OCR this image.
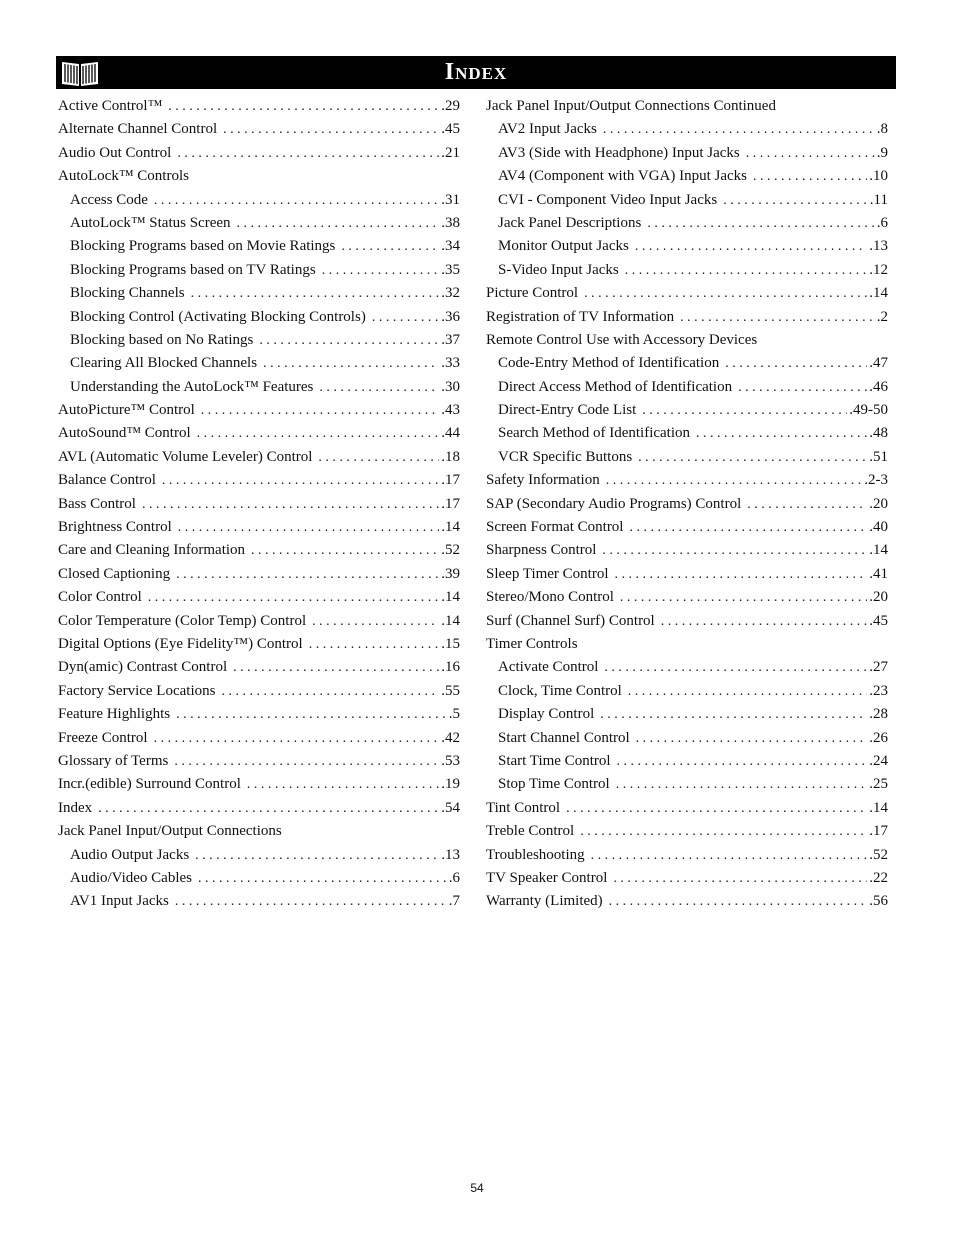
Index
Active Control™ . . .	.29
Alternate Channel Control . . .	.45
Audio Out Control . . .	.21
AutoLock™ Controls
Access Code . . .	.31
AutoLock™ Status Screen . . .	.38
Blocking Programs based on Movie Ratings . . .	.34
Blocking Programs based on TV Ratings . . .	.35
Blocking Channels . . .	.32
Blocking Control (Activating Blocking Controls) . . .	.36
Blocking based on No Ratings . . .	.37
Clearing All Blocked Channels . . .	.33
Understanding the AutoLock™ Features . . .	.30
AutoPicture™ Control . . .	.43
AutoSound™ Control . . .	.44
AVL (Automatic Volume Leveler) Control . . .	.18
Balance Control . . .	.17
Bass Control . . .	.17
Brightness Control . . .	.14
Care and Cleaning Information . . .	.52
Closed Captioning . . .	.39
Color Control . . .	.14
Color Temperature (Color Temp) Control . . .	.14
Digital Options (Eye Fidelity™) Control . . .	.15
Dyn(amic) Contrast Control . . .	.16
Factory Service Locations . . .	.55
Feature Highlights . . .	.5
Freeze Control . . .	.42
Glossary of Terms . . .	.53
Incr.(edible) Surround Control . . .	.19
Index . . .	.54
Jack Panel Input/Output Connections
Audio Output Jacks . . .	.13
Audio/Video Cables . . .	.6
AV1 Input Jacks . . .	.7
Jack Panel Input/Output Connections Continued
AV2 Input Jacks . . .	.8
AV3 (Side with Headphone) Input Jacks . . .	.9
AV4 (Component with VGA) Input Jacks . . .	.10
CVI - Component Video Input Jacks . . .	.11
Jack Panel Descriptions . . .	.6
Monitor Output Jacks . . .	.13
S-Video Input Jacks . . .	.12
Picture Control . . .	.14
Registration of TV Information . . .	.2
Remote Control Use with Accessory Devices
Code-Entry Method of Identification . . .	.47
Direct Access Method of Identification . . .	.46
Direct-Entry Code List . . .	.49-50
Search Method of Identification . . .	.48
VCR Specific Buttons . . .	.51
Safety Information . . .	.2-3
SAP (Secondary Audio Programs) Control . . .	.20
Screen Format Control . . .	.40
Sharpness Control . . .	.14
Sleep Timer Control . . .	.41
Stereo/Mono Control . . .	.20
Surf (Channel Surf) Control . . .	.45
Timer Controls
Activate Control . . .	.27
Clock, Time Control . . .	.23
Display Control . . .	.28
Start Channel Control . . .	.26
Start Time Control . . .	.24
Stop Time Control . . .	.25
Tint Control . . .	.14
Treble Control . . .	.17
Troubleshooting . . .	.52
TV Speaker Control . . .	.22
Warranty (Limited) . . .	.56
54
